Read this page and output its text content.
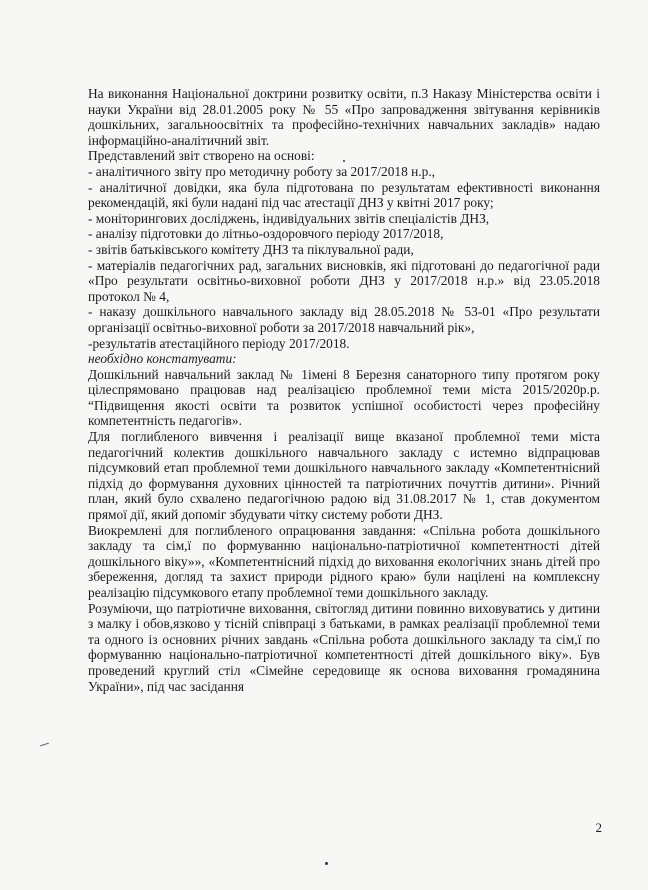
На виконання Національної доктрини розвитку освіти, п.3 Наказу Міністерства освіти і науки України від 28.01.2005 року № 55 «Про запровадження звітування керівників дошкільних, загальноосвітніх та професійно-технічних навчальних закладів» надаю інформаційно-аналітичний звіт.

Представлений звіт створено на основі:

- аналітичного звіту про методичну роботу за 2017/2018 н.р.,

- аналітичної довідки, яка була підготована по результатам ефективності виконання рекомендацій, які були надані під час атестації ДНЗ у квітні 2017 року;

- моніторингових досліджень, індивідуальних звітів спеціалістів ДНЗ,

- аналізу підготовки до літньо-оздоровчого періоду 2017/2018,

- звітів батьківського комітету ДНЗ та піклувальної ради,

- матеріалів педагогічних рад, загальних висновків, які підготовані до педагогічної ради «Про результати освітньо-виховної роботи ДНЗ у 2017/2018 н.р.» від 23.05.2018 протокол № 4,

- наказу дошкільного навчального закладу від 28.05.2018 № 53-01 «Про результати організації освітньо-виховної роботи за 2017/2018 навчальний рік»,

-результатів атестаційного періоду 2017/2018.

необхідно констатувати:

Дошкільний навчальний заклад № 1імені 8 Березня санаторного типу протягом року цілеспрямовано працював над реалізацією проблемної теми міста 2015/2020р.р. “Підвищення якості освіти та розвиток успішної особистості через професійну компетентність педагогів».

Для поглибленого вивчення і реалізації вище вказаної проблемної теми міста педагогічний колектив дошкільного навчального закладу с истемно відпрацював підсумковий етап проблемної теми дошкільного навчального закладу «Компетентнісний підхід до формування духовних цінностей та патріотичних почуттів дитини». Річний план, який було схвалено педагогічною радою від 31.08.2017 № 1, став документом прямої дії, який допоміг збудувати чітку систему роботи ДНЗ.

Виокремлені для поглибленого опрацювання завдання: «Спільна робота дошкільного закладу та сім,ї по формуванню національно-патріотичної компетентності дітей дошкільного віку»», «Компетентнісний підхід до виховання екологічних знань дітей про збереження, догляд та захист природи рідного краю» були націлені на комплексну реалізацію підсумкового етапу проблемної теми дошкільного закладу.

Розуміючи, що патріотичне виховання, світогляд дитини повинно виховуватись у дитини з малку і обов,язково у тісній співпраці з батьками, в рамках реалізації проблемної теми та одного із основних річних завдань «Спільна робота дошкільного закладу та сім,ї по формуванню національно-патріотичної компетентності дітей дошкільного віку». Був проведений круглий стіл «Сімейне середовище як основа виховання громадянина України», під час засідання

2
